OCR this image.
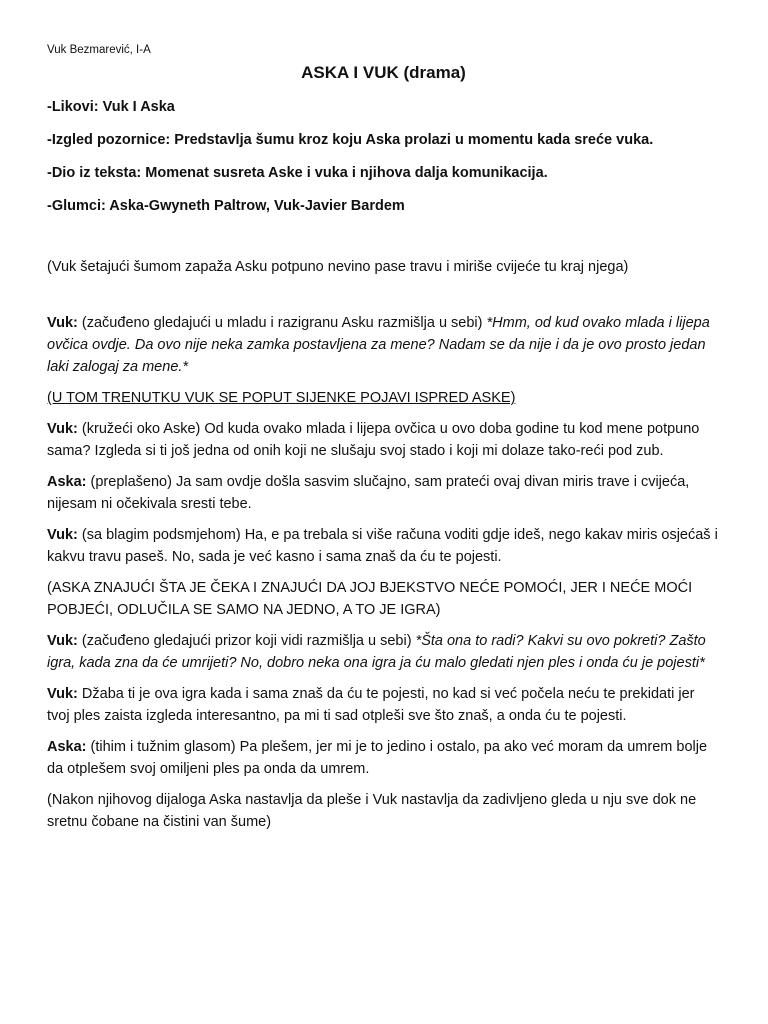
Vuk Bezmarević, I-A

ASKA I VUK (drama)

-Likovi: Vuk I Aska

-Izgled pozornice: Predstavlja šumu kroz koju Aska prolazi u momentu kada sreće vuka.

-Dio iz teksta: Momenat susreta Aske i vuka i njihova dalja komunikacija.

-Glumci: Aska-Gwyneth Paltrow, Vuk-Javier Bardem

(Vuk šetajući šumom zapaža Asku potpuno nevino pase travu i miriše cvijeće tu kraj njega)

Vuk: (začuđeno gledajući u mladu i razigranu Asku razmišlja u sebi) *Hmm, od kud ovako mlada i lijepa ovčica ovdje. Da ovo nije neka zamka postavljena za mene? Nadam se da nije i da je ovo prosto jedan laki zalogaj za mene.*

(U TOM TRENUTKU VUK SE POPUT SIJENKE POJAVI ISPRED ASKE)

Vuk: (kružeći oko Aske) Od kuda ovako mlada i lijepa ovčica u ovo doba godine tu kod mene potpuno sama? Izgleda si ti još jedna od onih koji ne slušaju svoj stado i koji mi dolaze tako-reći pod zub.

Aska: (preplašeno) Ja sam ovdje došla sasvim slučajno, sam prateći ovaj divan miris trave i cvijeća, nijesam ni očekivala sresti tebe.

Vuk: (sa blagim podsmjehom) Ha, e pa trebala si više računa voditi gdje ideš, nego kakav miris osjećaš i kakvu travu paseš. No, sada je već kasno i sama znaš da ću te pojesti.

(ASKA ZNAJUĆI ŠTA JE ČEKA I ZNAJUĆI DA JOJ BJEKSTVO NEĆE POMOĆI, JER I NEĆE MOĆI POBJEĆI, ODLUČILA SE SAMO NA JEDNO, A TO JE IGRA)

Vuk: (začuđeno gledajući prizor koji vidi razmišlja u sebi) *Šta ona to radi? Kakvi su ovo pokreti? Zašto igra, kada zna da će umrijeti? No, dobro neka ona igra ja ću malo gledati njen ples i onda ću je pojesti*

Vuk: Džaba ti je ova igra kada i sama znaš da ću te pojesti, no kad si već počela neću te prekidati jer tvoj ples zaista izgleda interesantno, pa mi ti sad otpleši sve što znaš, a onda ću te pojesti.

Aska: (tihim i tužnim glasom) Pa plešem, jer mi je to jedino i ostalo, pa ako već moram da umrem bolje da otplešem svoj omiljeni ples pa onda da umrem.

(Nakon njihovog dijaloga Aska nastavlja da pleše i Vuk nastavlja da zadivljeno gleda u nju sve dok ne sretnu čobane na čistini van šume)
